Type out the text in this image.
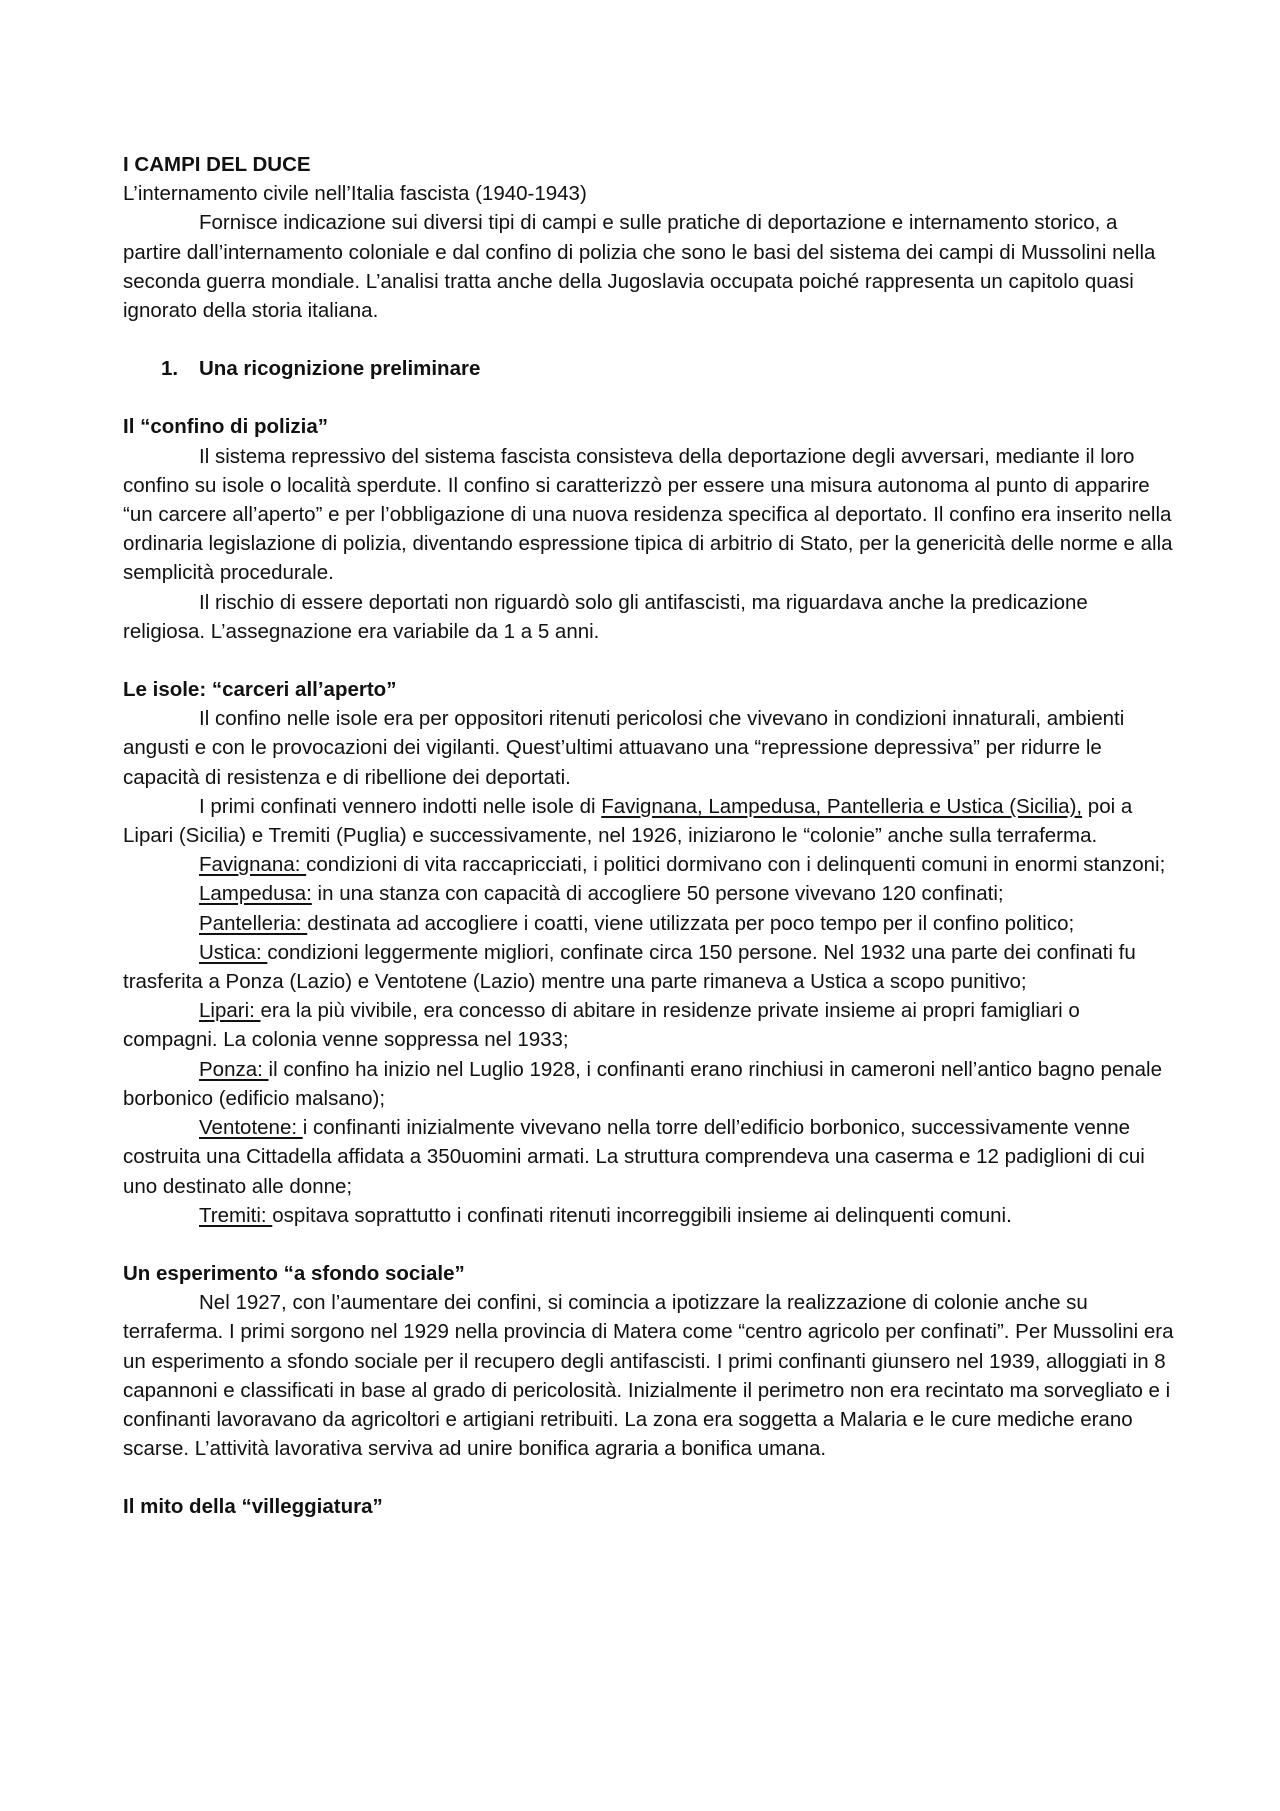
I CAMPI DEL DUCE

L’internamento civile nell’Italia fascista (1940-1943)

Fornisce indicazione sui diversi tipi di campi e sulle pratiche di deportazione e internamento storico, a partire dall’internamento coloniale e dal confino di polizia che sono le basi del sistema dei campi di Mussolini nella seconda guerra mondiale. L’analisi tratta anche della Jugoslavia occupata poiché rappresenta un capitolo quasi ignorato della storia italiana.

1. Una ricognizione preliminare

Il “confino di polizia”

Il sistema repressivo del sistema fascista consisteva della deportazione degli avversari, mediante il loro confino su isole o località sperdute. Il confino si caratterizzò per essere una misura autonoma al punto di apparire “un carcere all’aperto” e per l’obbligazione di una nuova residenza specifica al deportato. Il confino era inserito nella ordinaria legislazione di polizia, diventando espressione tipica di arbitrio di Stato, per la genericità delle norme e alla semplicità procedurale.

Il rischio di essere deportati non riguardò solo gli antifascisti, ma riguardava anche la predicazione religiosa. L’assegnazione era variabile da 1 a 5 anni.

Le isole: “carceri all’aperto”

Il confino nelle isole era per oppositori ritenuti pericolosi che vivevano in condizioni innaturali, ambienti angusti e con le provocazioni dei vigilanti. Quest’ultimi attuavano una “repressione depressiva” per ridurre le capacità di resistenza e di ribellione dei deportati.

I primi confinati vennero indotti nelle isole di Favignana, Lampedusa, Pantelleria e Ustica (Sicilia), poi a Lipari (Sicilia) e Tremiti (Puglia) e successivamente, nel 1926, iniziarono le “colonie” anche sulla terraferma.

Favignana: condizioni di vita raccapricciati, i politici dormivano con i delinquenti comuni in enormi stanzoni;

Lampedusa: in una stanza con capacità di accogliere 50 persone vivevano 120 confinati;

Pantelleria: destinata ad accogliere i coatti, viene utilizzata per poco tempo per il confino politico;

Ustica: condizioni leggermente migliori, confinate circa 150 persone. Nel 1932 una parte dei confinati fu trasferita a Ponza (Lazio) e Ventotene (Lazio) mentre una parte rimaneva a Ustica a scopo punitivo;

Lipari: era la più vivibile, era concesso di abitare in residenze private insieme ai propri famigliari o compagni. La colonia venne soppressa nel 1933;

Ponza: il confino ha inizio nel Luglio 1928, i confinanti erano rinchiusi in cameroni nell’antico bagno penale borbonico (edificio malsano);

Ventotene: i confinanti inizialmente vivevano nella torre dell’edificio borbonico, successivamente venne costruita una Cittadella affidata a 350uomini armati. La struttura comprendeva una caserma e 12 padiglioni di cui uno destinato alle donne;

Tremiti: ospitava soprattutto i confinati ritenuti incorreggibili insieme ai delinquenti comuni.

Un esperimento “a sfondo sociale”

Nel 1927, con l’aumentare dei confini, si comincia a ipotizzare la realizzazione di colonie anche su terraferma. I primi sorgono nel 1929 nella provincia di Matera come “centro agricolo per confinati”. Per Mussolini era un esperimento a sfondo sociale per il recupero degli antifascisti. I primi confinanti giunsero nel 1939, alloggiati in 8 capannoni e classificati in base al grado di pericolosità. Inizialmente il perimetro non era recintato ma sorvegliato e i confinanti lavoravano da agricoltori e artigiani retribuiti. La zona era soggetta a Malaria e le cure mediche erano scarse. L’attività lavorativa serviva ad unire bonifica agraria a bonifica umana.

Il mito della “villeggiatura”
